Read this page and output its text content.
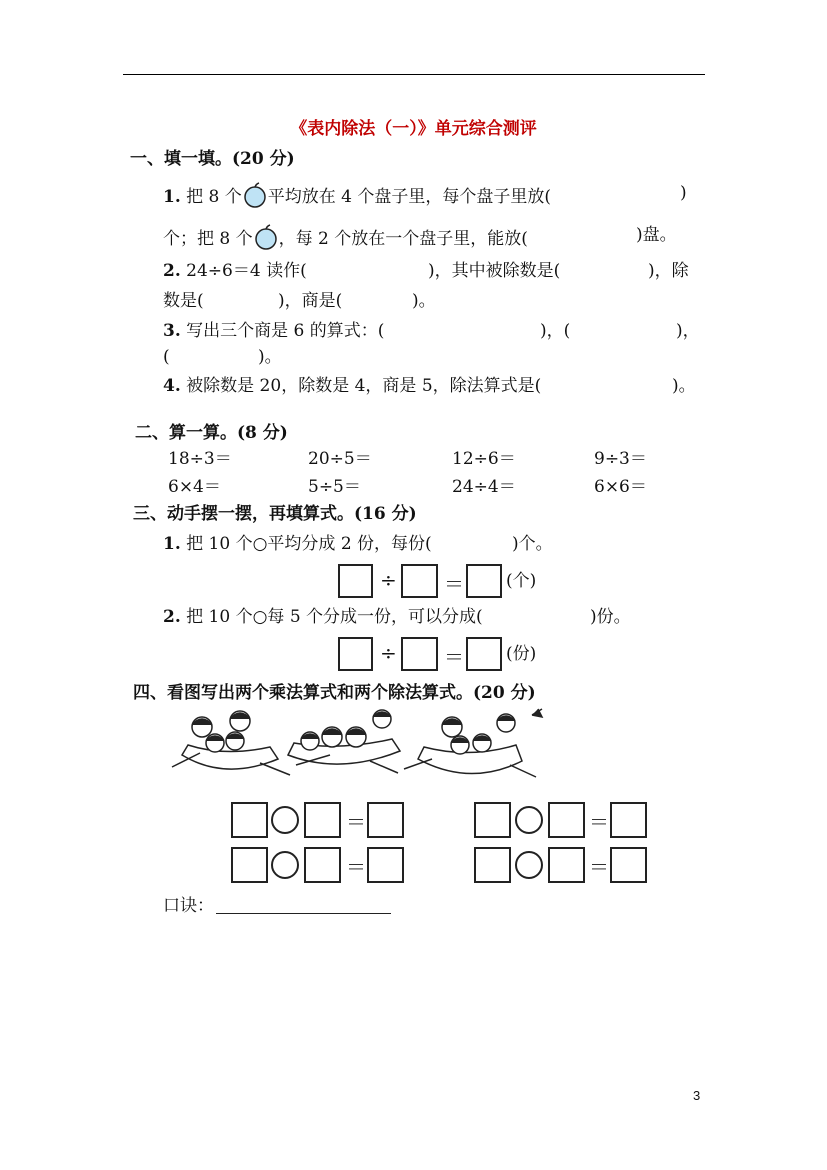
《表内除法（一）》单元综合测评
一、填一填。(20 分)
1. 把 8 个 平均放在 4 个盘子里，每个盘子里放(	)
个；把 8 个 ，每 2 个放在一个盘子里，能放(	)盘。
2. 24÷6＝4 读作(	)，其中被除数是(	)，除
数是(	)，商是(	)。
3. 写出三个商是 6 的算式：(	)，(	)，
(	)。
4. 被除数是 20，除数是 4，商是 5，除法算式是(	)。
二、算一算。(8 分)
18÷3＝	20÷5＝	12÷6＝	9÷3＝
6×4＝	5÷5＝	24÷4＝	6×6＝
三、动手摆一摆，再填算式。(16 分)
1. 把 10 个○平均分成 2 份，每份(	)个。
÷ ＝ (个)
2. 把 10 个○每 5 个分成一份，可以分成(	)份。
÷ ＝ (份)
四、看图写出两个乘法算式和两个除法算式。(20 分)
＝
＝
＝
＝
口诀：
3
